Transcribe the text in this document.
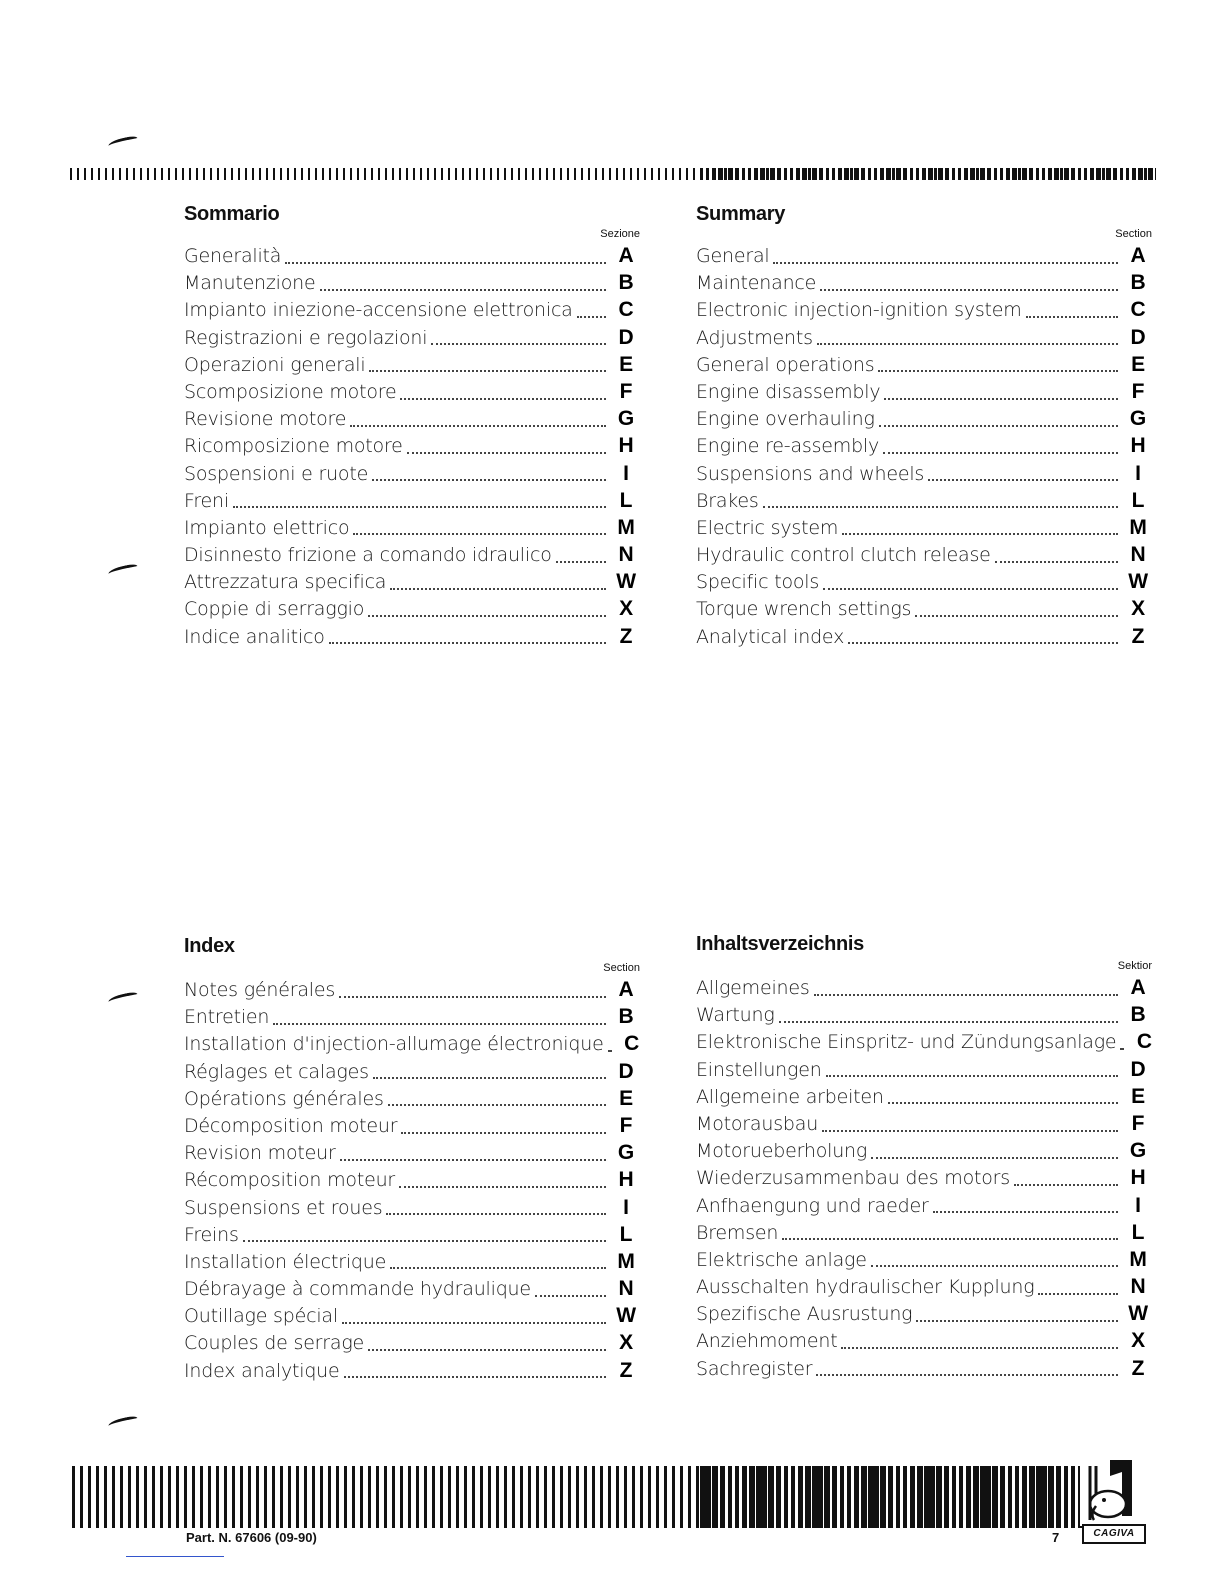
Sommario
Sezione
Generalità	A
Manutenzione	B
Impianto iniezione-accensione elettronica	C
Registrazioni e regolazioni	D
Operazioni generali	E
Scomposizione motore	F
Revisione motore	G
Ricomposizione motore	H
Sospensioni e ruote	I
Freni	L
Impianto elettrico	M
Disinnesto frizione a comando idraulico	N
Attrezzatura specifica	W
Coppie di serraggio	X
Indice analitico	Z
Summary
Section
General	A
Maintenance	B
Electronic injection-ignition system	C
Adjustments	D
General operations	E
Engine disassembly	F
Engine overhauling	G
Engine re-assembly	H
Suspensions and wheels	I
Brakes	L
Electric system	M
Hydraulic control clutch release	N
Specific tools	W
Torque wrench settings	X
Analytical index	Z
Index
Section
Notes générales	A
Entretien	B
Installation d'injection-allumage électronique C
Réglages et calages	D
Opérations générales	E
Décomposition moteur	F
Revision moteur	G
Récomposition moteur	H
Suspensions et roues	I
Freins	L
Installation électrique	M
Débrayage à commande hydraulique	N
Outillage spécial	W
Couples de serrage	X
Index analytique	Z
Inhaltsverzeichnis
Sektior
Allgemeines	A
Wartung	B
Elektronische Einspritz- und Zündungsanlage C
Einstellungen	D
Allgemeine arbeiten	E
Motorausbau	F
Motorueberholung	G
Wiederzusammenbau des motors	H
Anfhaengung und raeder	I
Bremsen	L
Elektrische anlage	M
Ausschalten hydraulischer Kupplung	N
Spezifische Ausrustung	W
Anziehmoment	X
Sachregister	Z
Part. N. 67606 (09-90)	7	CAGIVA
